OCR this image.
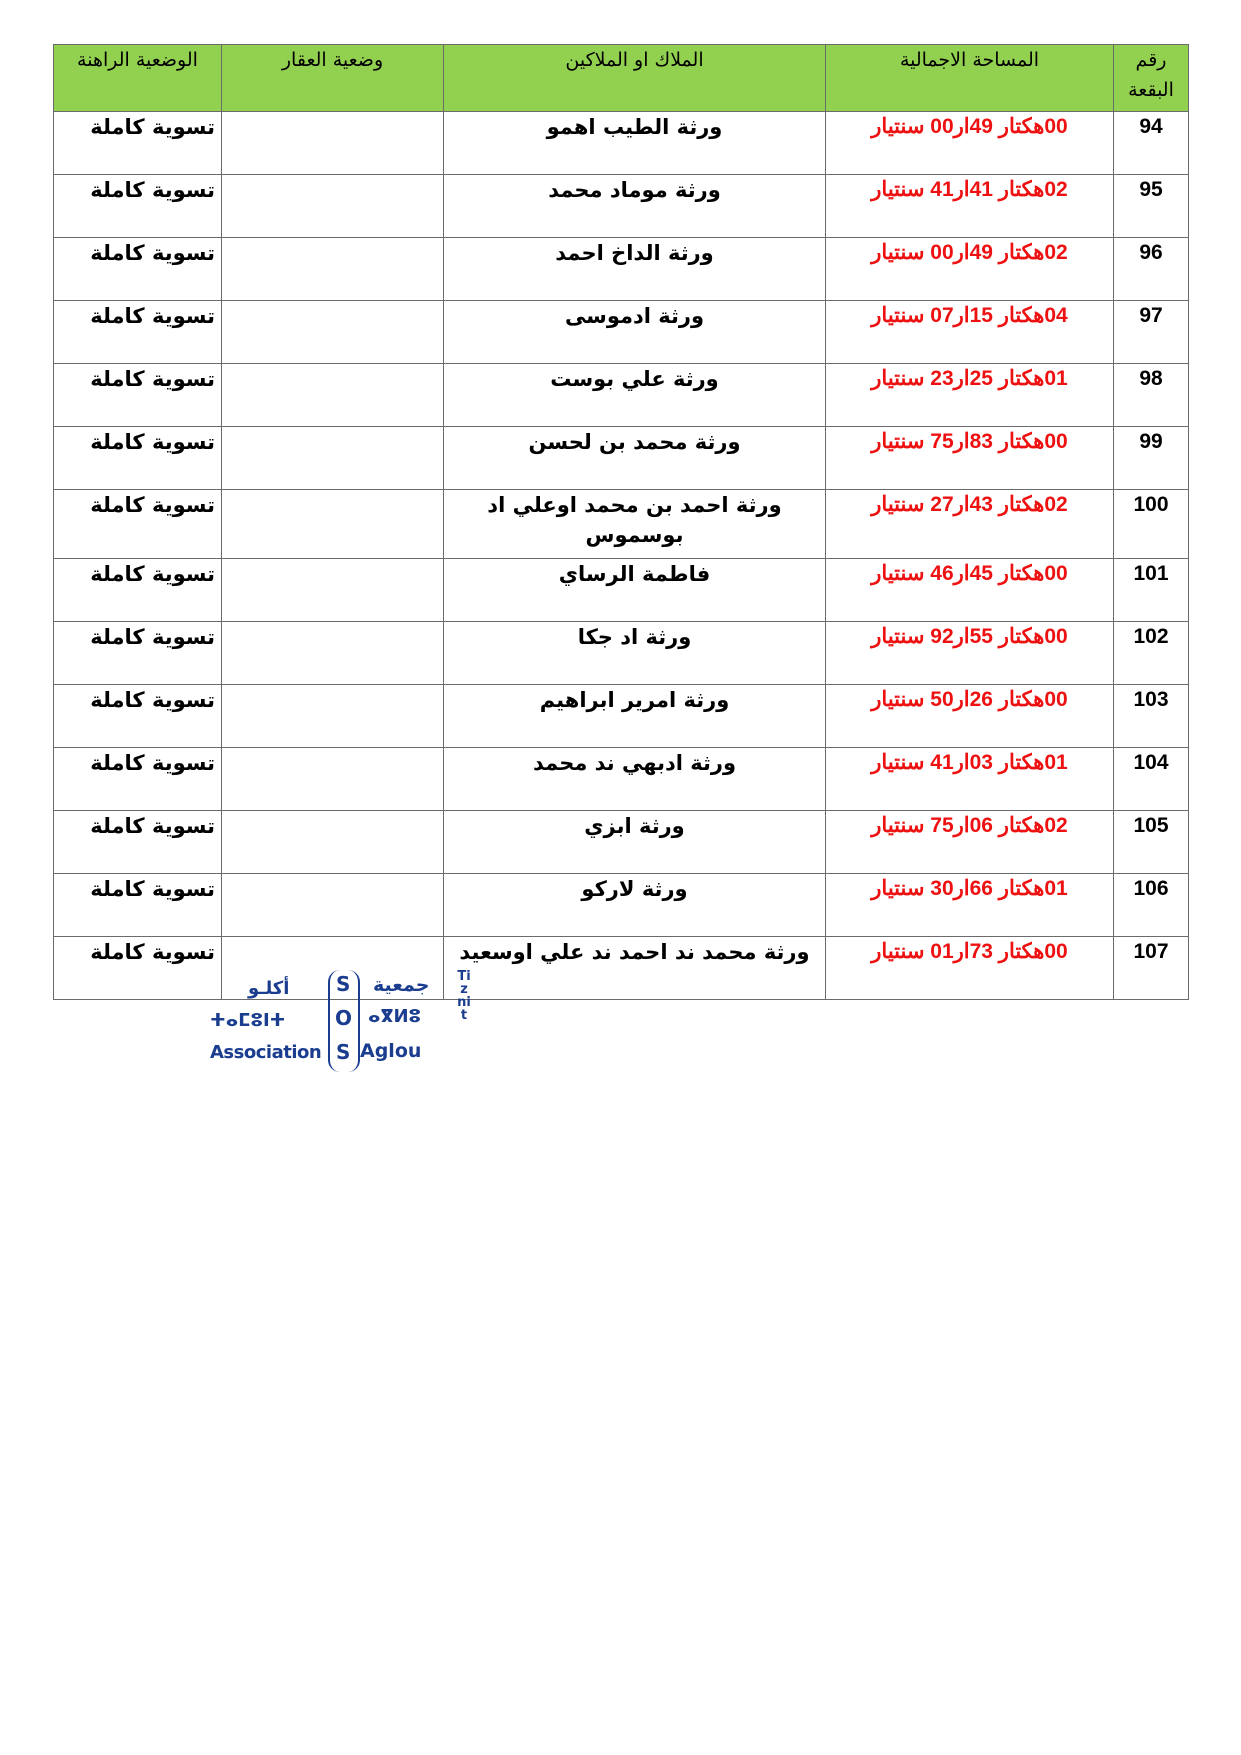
رقم البقعة	المساحة الاجمالية	الملاك او الملاكين	وضعية العقار	الوضعية الراهنة
94	00هكتار 49ار00 سنتيار	ورثة الطيب اهمو		تسوية كاملة
95	02هكتار 41ار41 سنتيار	ورثة موماد محمد		تسوية كاملة
96	02هكتار 49ار00 سنتيار	ورثة الداخ احمد		تسوية كاملة
97	04هكتار 15ار07 سنتيار	ورثة ادموسى		تسوية كاملة
98	01هكتار 25ار23 سنتيار	ورثة علي بوست		تسوية كاملة
99	00هكتار 83ار75 سنتيار	ورثة محمد بن لحسن		تسوية كاملة
100	02هكتار 43ار27 سنتيار	ورثة احمد بن محمد اوعلي اد بوسموس		تسوية كاملة
101	00هكتار 45ار46 سنتيار	فاطمة الرساي		تسوية كاملة
102	00هكتار 55ار92 سنتيار	ورثة اد جكا		تسوية كاملة
103	00هكتار 26ار50 سنتيار	ورثة امرير ابراهيم		تسوية كاملة
104	01هكتار 03ار41 سنتيار	ورثة ادبهي ند محمد		تسوية كاملة
105	02هكتار 06ار75 سنتيار	ورثة ابزي		تسوية كاملة
106	01هكتار 66ار30 سنتيار	ورثة لاركو		تسوية كاملة
107	00هكتار 73ار01 سنتيار	ورثة محمد ند احمد ند علي اوسعيد		تسوية كاملة
أكلـو	جمعية
ⵜⴰⵎⵓⵏⵜ	ⴰⴳⵍⵓ
Association Aglou
S
O
S
Tiznit
